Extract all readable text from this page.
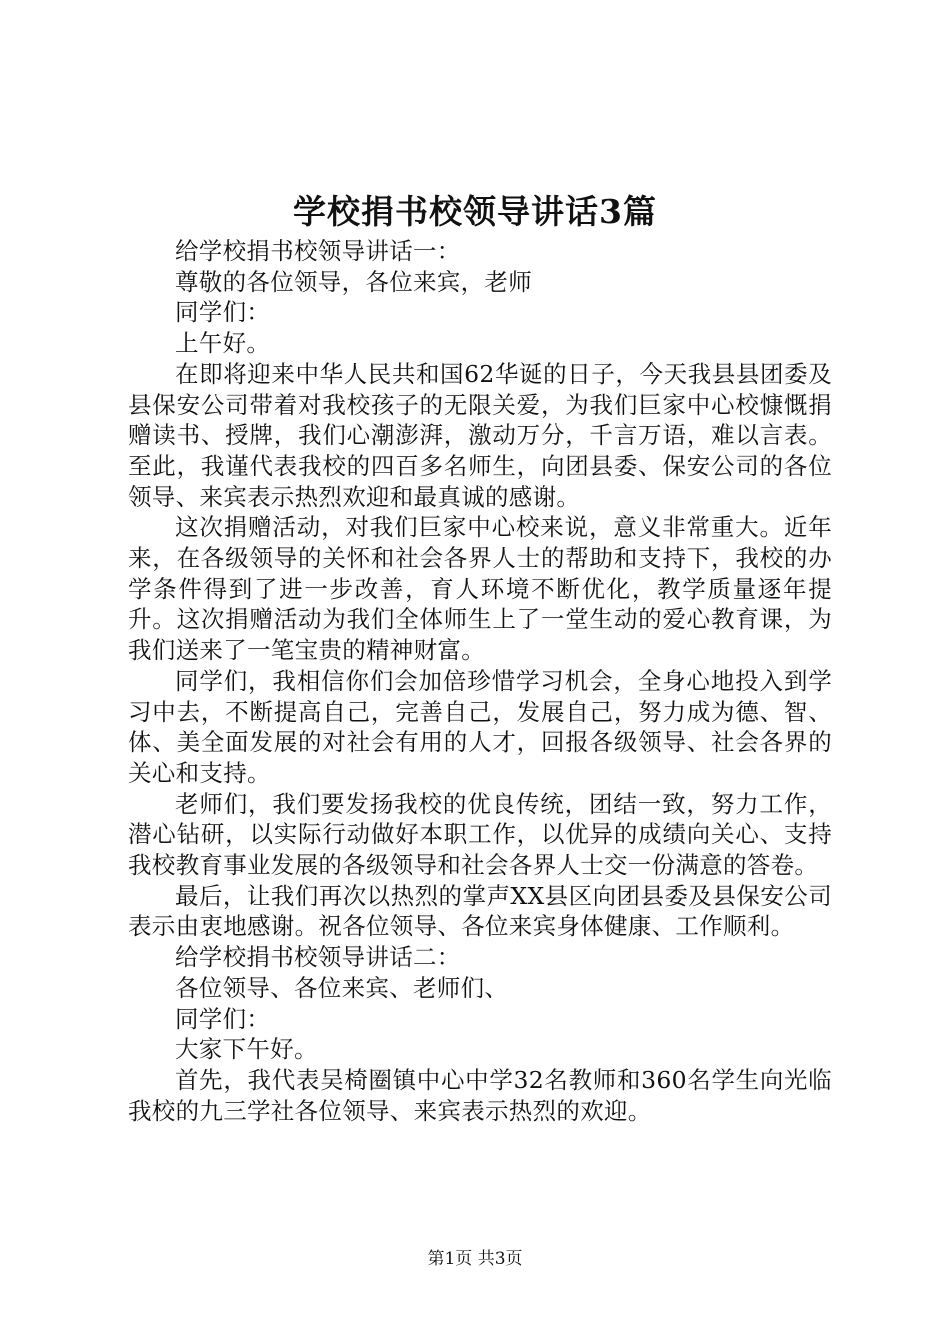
学校捐书校领导讲话3篇

给学校捐书校领导讲话一：

尊敬的各位领导，各位来宾，老师

同学们：

上午好。

在即将迎来中华人民共和国62华诞的日子，今天我县县团委及县保安公司带着对我校孩子的无限关爱，为我们巨家中心校慷慨捐赠读书、授牌，我们心潮澎湃，激动万分，千言万语，难以言表。至此，我谨代表我校的四百多名师生，向团县委、保安公司的各位领导、来宾表示热烈欢迎和最真诚的感谢。

这次捐赠活动，对我们巨家中心校来说，意义非常重大。近年来，在各级领导的关怀和社会各界人士的帮助和支持下，我校的办学条件得到了进一步改善，育人环境不断优化，教学质量逐年提升。这次捐赠活动为我们全体师生上了一堂生动的爱心教育课，为我们送来了一笔宝贵的精神财富。

同学们，我相信你们会加倍珍惜学习机会，全身心地投入到学习中去，不断提高自己，完善自己，发展自己，努力成为德、智、体、美全面发展的对社会有用的人才，回报各级领导、社会各界的关心和支持。

老师们，我们要发扬我校的优良传统，团结一致，努力工作，潜心钻研，以实际行动做好本职工作，以优异的成绩向关心、支持我校教育事业发展的各级领导和社会各界人士交一份满意的答卷。

最后，让我们再次以热烈的掌声XX县区向团县委及县保安公司表示由衷地感谢。祝各位领导、各位来宾身体健康、工作顺利。

给学校捐书校领导讲话二：

各位领导、各位来宾、老师们、

同学们：

大家下午好。

首先，我代表吴椅圈镇中心中学32名教师和360名学生向光临我校的九三学社各位领导、来宾表示热烈的欢迎。

第1页 共3页
